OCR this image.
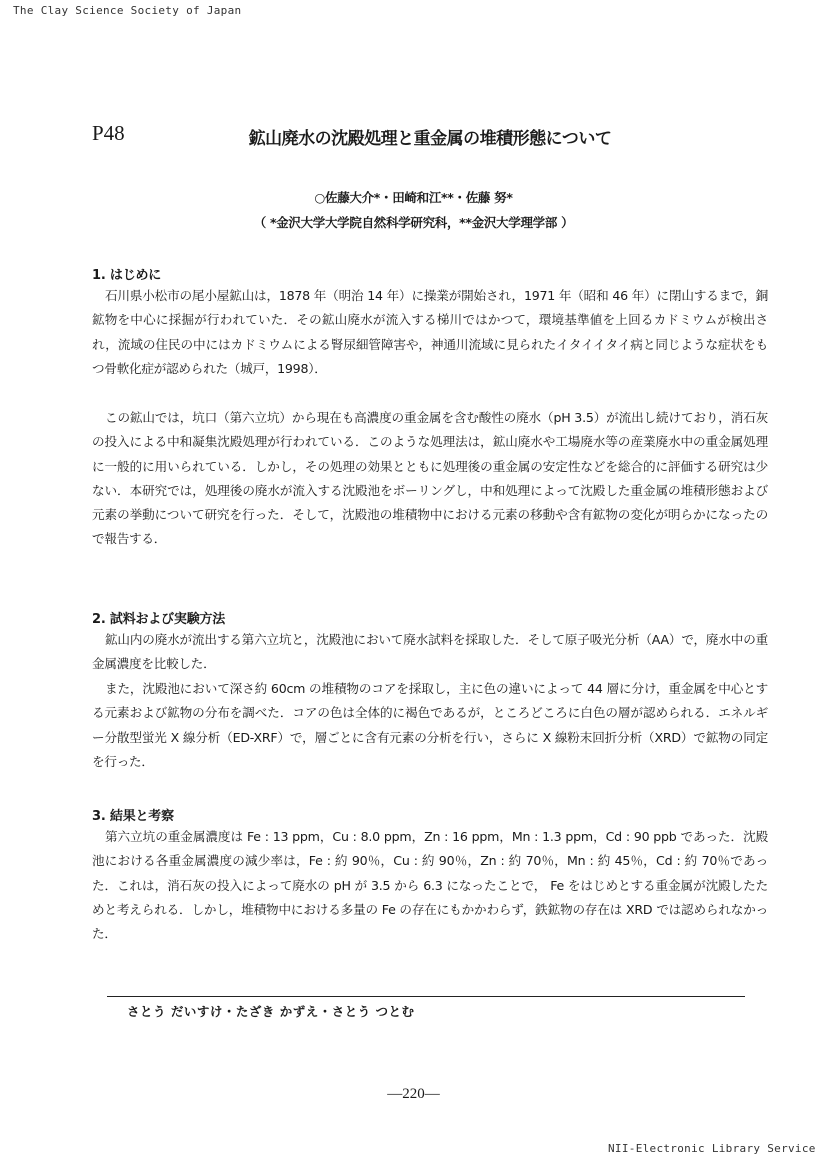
The Clay Science Society of Japan
P48	鉱山廃水の沈殿処理と重金属の堆積形態について
○佐藤大介*・田崎和江**・佐藤 努*
（ *金沢大学大学院自然科学研究科，**金沢大学理学部 ）
1. はじめに

石川県小松市の尾小屋鉱山は，1878 年（明治 14 年）に操業が開始され，1971 年（昭和 46 年）に閉山するまで，銅鉱物を中心に採掘が行われていた．その鉱山廃水が流入する梯川ではかつて，環境基準値を上回るカドミウムが検出され，流域の住民の中にはカドミウムによる腎尿細管障害や，神通川流域に見られたイタイイタイ病と同じような症状をもつ骨軟化症が認められた（城戸，1998）．

この鉱山では，坑口（第六立坑）から現在も高濃度の重金属を含む酸性の廃水（pH 3.5）が流出し続けており，消石灰の投入による中和凝集沈殿処理が行われている．このような処理法は，鉱山廃水や工場廃水等の産業廃水中の重金属処理に一般的に用いられている．しかし，その処理の効果とともに処理後の重金属の安定性などを総合的に評価する研究は少ない．本研究では，処理後の廃水が流入する沈殿池をボーリングし，中和処理によって沈殿した重金属の堆積形態および元素の挙動について研究を行った．そして，沈殿池の堆積物中における元素の移動や含有鉱物の変化が明らかになったので報告する．

2. 試料および実験方法

鉱山内の廃水が流出する第六立坑と，沈殿池において廃水試料を採取した．そして原子吸光分析（AA）で，廃水中の重金属濃度を比較した．

また，沈殿池において深さ約 60cm の堆積物のコアを採取し，主に色の違いによって 44 層に分け，重金属を中心とする元素および鉱物の分布を調べた．コアの色は全体的に褐色であるが，ところどころに白色の層が認められる．エネルギー分散型蛍光 X 線分析（ED-XRF）で，層ごとに含有元素の分析を行い，さらに X 線粉末回折分析（XRD）で鉱物の同定を行った．

3. 結果と考察

第六立坑の重金属濃度は Fe : 13 ppm，Cu : 8.0 ppm，Zn : 16 ppm，Mn : 1.3 ppm，Cd : 90 ppb であった．沈殿池における各重金属濃度の減少率は，Fe : 約 90％，Cu : 約 90％，Zn : 約 70％，Mn : 約 45％，Cd : 約 70％であった．これは，消石灰の投入によって廃水の pH が 3.5 から 6.3 になったことで， Fe をはじめとする重金属が沈殿したためと考えられる．しかし，堆積物中における多量の Fe の存在にもかかわらず，鉄鉱物の存在は XRD では認められなかった．

さとう だいすけ・たざき かずえ・さとう つとむ
―220―
NII-Electronic Library Service
